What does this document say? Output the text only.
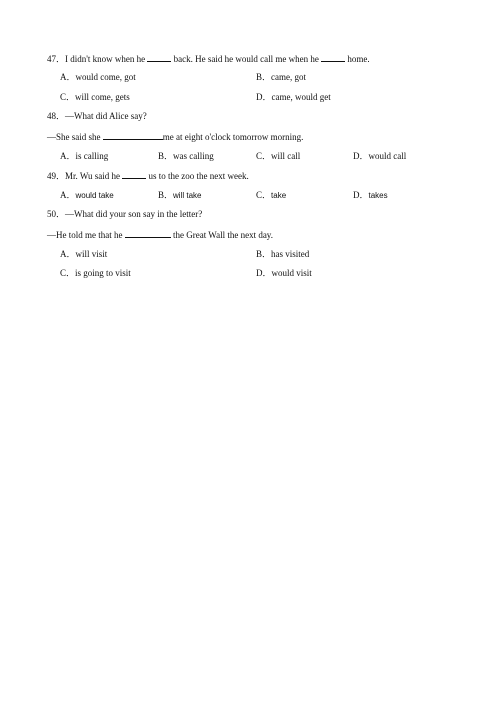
47．I didn't know when he	back. He said he would call me when he	home.
A．would come, got	B．came, got
C．will come, gets	D．came, would get
48．—What did Alice say?
—She said she	me at eight o'clock tomorrow morning.
A．is calling	B．was calling	C．will call	D．would call
49．Mr. Wu said he	us to the zoo the next week.
A．would take	B．will take	C．take	D．takes
50．—What did your son say in the letter?
—He told me that he	the Great Wall the next day.
A．will visit	B．has visited
C．is going to visit	D．would visit
